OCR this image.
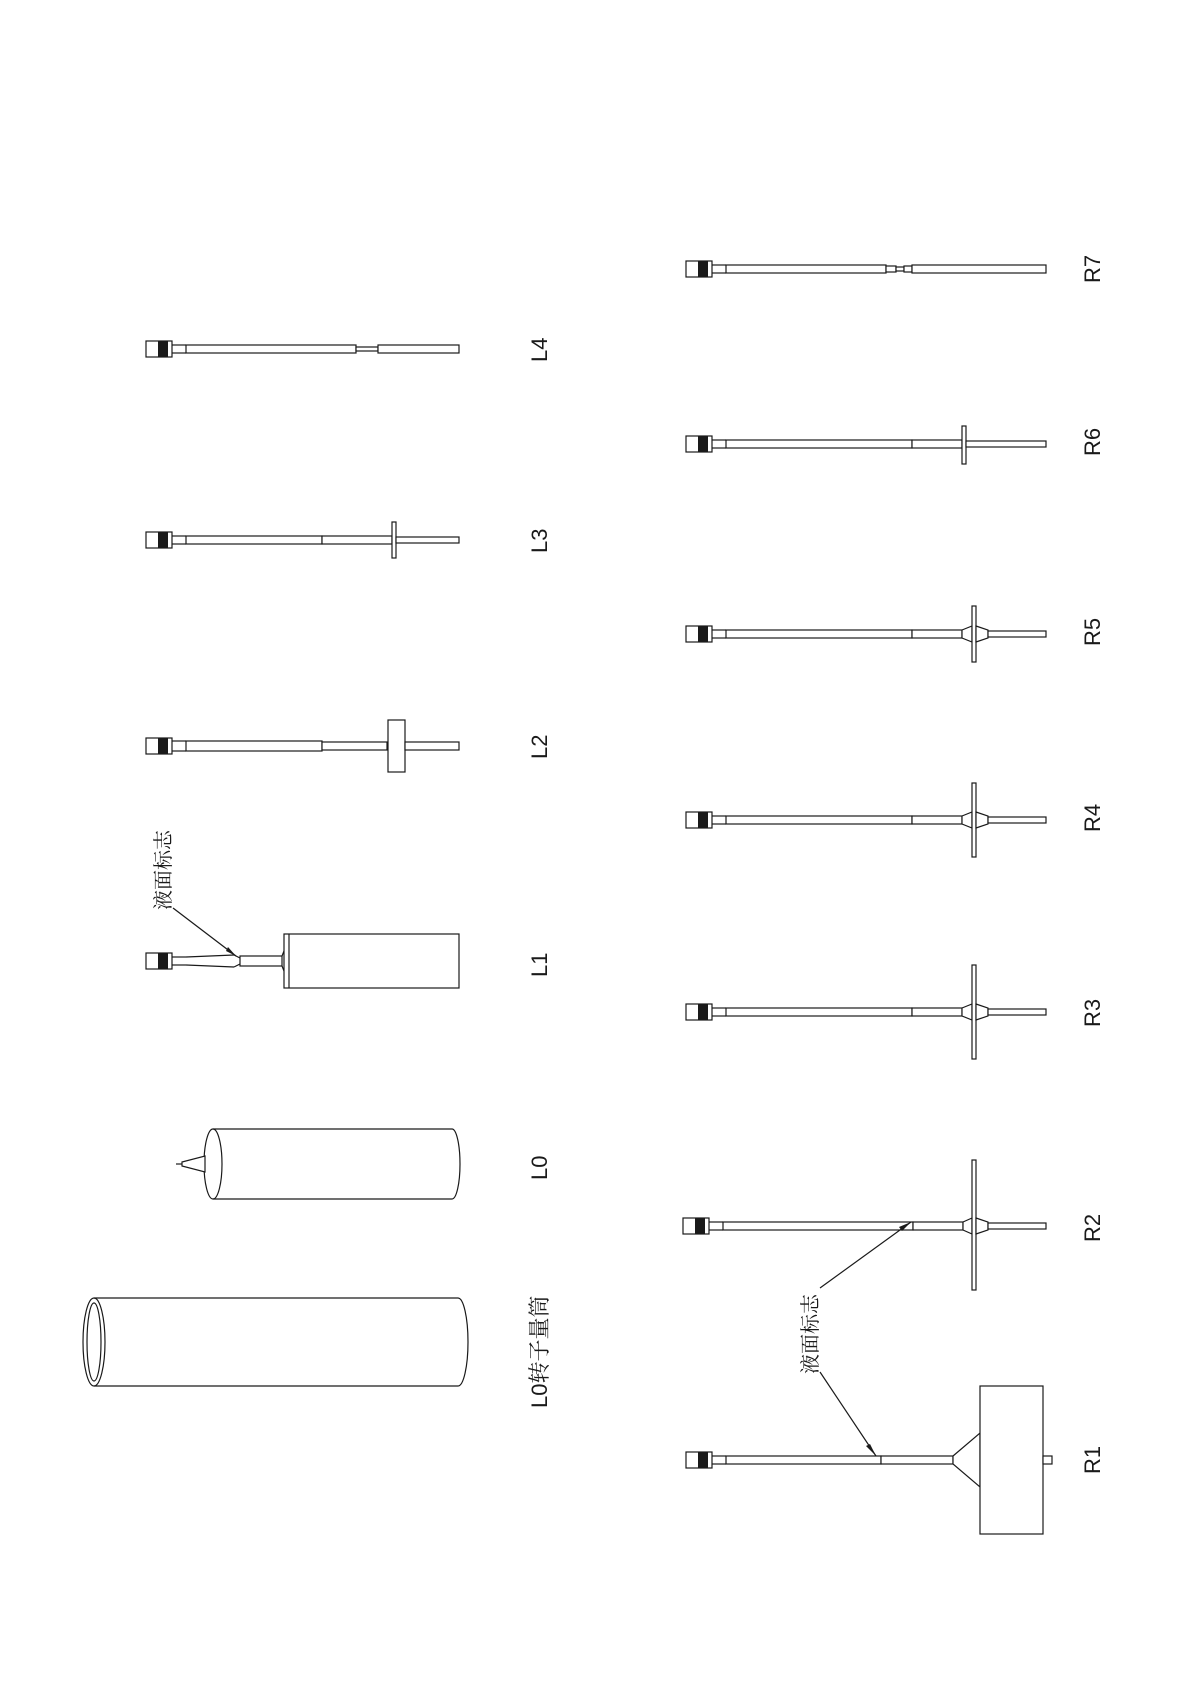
L0转子量筒
L0
L1
L2
L3
L4
R1
R2
R3
R4
R5
R6
R7
液面标志
液面标志
